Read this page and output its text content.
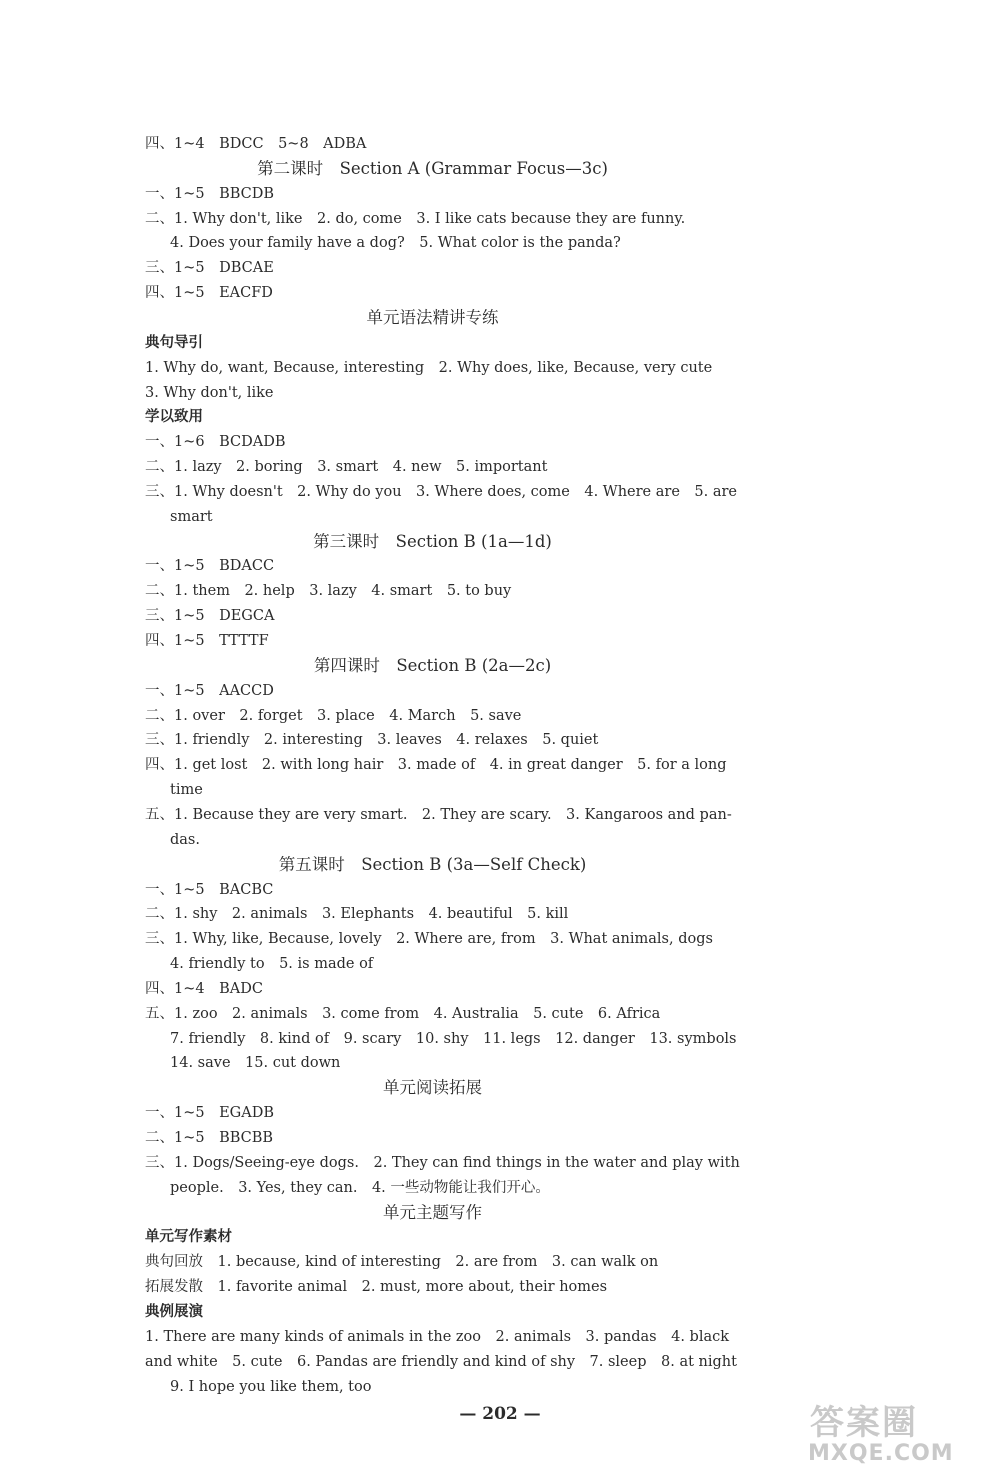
四、1~4　BDCC　5~8　ADBA
第二课时　Section A (Grammar Focus—3c)
一、1~5　BBCDB
二、1. Why don't, like　2. do, come　3. I like cats because they are funny.
4. Does your family have a dog?　5. What color is the panda?
三、1~5　DBCAE
四、1~5　EACFD
单元语法精讲专练
典句导引
1. Why do, want, Because, interesting　2. Why does, like, Because, very cute
3. Why don't, like
学以致用
一、1~6　BCDADB
二、1. lazy　2. boring　3. smart　4. new　5. important
三、1. Why doesn't　2. Why do you　3. Where does, come　4. Where are　5. are
smart
第三课时　Section B (1a—1d)
一、1~5　BDACC
二、1. them　2. help　3. lazy　4. smart　5. to buy
三、1~5　DEGCA
四、1~5　TTTTF
第四课时　Section B (2a—2c)
一、1~5　AACCD
二、1. over　2. forget　3. place　4. March　5. save
三、1. friendly　2. interesting　3. leaves　4. relaxes　5. quiet
四、1. get lost　2. with long hair　3. made of　4. in great danger　5. for a long
time
五、1. Because they are very smart.　2. They are scary.　3. Kangaroos and pan-
das.
第五课时　Section B (3a—Self Check)
一、1~5　BACBC
二、1. shy　2. animals　3. Elephants　4. beautiful　5. kill
三、1. Why, like, Because, lovely　2. Where are, from　3. What animals, dogs
4. friendly to　5. is made of
四、1~4　BADC
五、1. zoo　2. animals　3. come from　4. Australia　5. cute　6. Africa
7. friendly　8. kind of　9. scary　10. shy　11. legs　12. danger　13. symbols
14. save　15. cut down
单元阅读拓展
一、1~5　EGADB
二、1~5　BBCBB
三、1. Dogs/Seeing-eye dogs.　2. They can find things in the water and play with
people.　3. Yes, they can.　4. 一些动物能让我们开心。
单元主题写作
单元写作素材
典句回放　1. because, kind of interesting　2. are from　3. can walk on
拓展发散　1. favorite animal　2. must, more about, their homes
典例展演
1. There are many kinds of animals in the zoo　2. animals　3. pandas　4. black
and white　5. cute　6. Pandas are friendly and kind of shy　7. sleep　8. at night
9. I hope you like them, too
— 202 —	答案圈
MXQE.COM
